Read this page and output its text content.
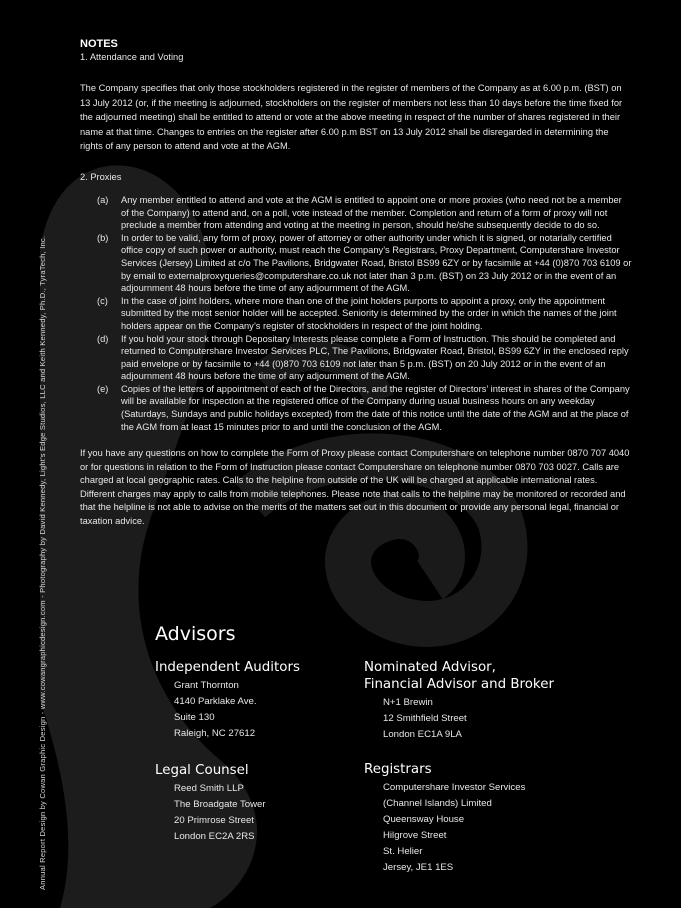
Annual Report Design by Cowan Graphic Design - www.cowangraphicdesign.com - Photography by David Kennedy, Light's Edge Studios, LLC and Keith Kennedy, Ph.D., TyraTech, Inc.

NOTES

1. Attendance and Voting

The Company specifies that only those stockholders registered in the register of members of the Company as at 6.00 p.m. (BST) on 13 July 2012 (or, if the meeting is adjourned, stockholders on the register of members not less than 10 days before the time fixed for the adjourned meeting) shall be entitled to attend or vote at the above meeting in respect of the number of shares registered in their name at that time. Changes to entries on the register after 6.00 p.m BST on 13 July 2012 shall be disregarded in determining the rights of any person to attend and vote at the AGM.

2. Proxies

(a) Any member entitled to attend and vote at the AGM is entitled to appoint one or more proxies (who need not be a member of the Company) to attend and, on a poll, vote instead of the member. Completion and return of a form of proxy will not preclude a member from attending and voting at the meeting in person, should he/she subsequently decide to do so.
(b) In order to be valid, any form of proxy, power of attorney or other authority under which it is signed, or notarially certified office copy of such power or authority, must reach the Company’s Registrars, Proxy Department, Computershare Investor Services (Jersey) Limited at c/o The Pavilions, Bridgwater Road, Bristol BS99 6ZY or by facsimile at +44 (0)870 703 6109 or by email to externalproxyqueries@computershare.co.uk not later than 3 p.m. (BST) on 23 July 2012 or in the event of an adjournment 48 hours before the time of any adjournment of the AGM.
(c) In the case of joint holders, where more than one of the joint holders purports to appoint a proxy, only the appointment submitted by the most senior holder will be accepted. Seniority is determined by the order in which the names of the joint holders appear on the Company’s register of stockholders in respect of the joint holding.
(d) If you hold your stock through Depositary Interests please complete a Form of Instruction. This should be completed and returned to Computershare Investor Services PLC, The Pavilions, Bridgwater Road, Bristol, BS99 6ZY in the enclosed reply paid envelope or by facsimile to +44 (0)870 703 6109 not later than 5 p.m. (BST) on 20 July 2012 or in the event of an adjournment 48 hours before the time of any adjournment of the AGM.
(e) Copies of the letters of appointment of each of the Directors, and the register of Directors’ interest in shares of the Company will be available for inspection at the registered office of the Company during usual business hours on any weekday (Saturdays, Sundays and public holidays excepted) from the date of this notice until the date of the AGM and at the place of the AGM from at least 15 minutes prior to and until the conclusion of the AGM.

If you have any questions on how to complete the Form of Proxy please contact Computershare on telephone number 0870 707 4040 or for questions in relation to the Form of Instruction please contact Computershare on telephone number 0870 703 0027. Calls are charged at local geographic rates. Calls to the helpline from outside of the UK will be charged at applicable international rates. Different charges may apply to calls from mobile telephones. Please note that calls to the helpline may be monitored or recorded and that the helpline is not able to advise on the merits of the matters set out in this document or provide any personal legal, financial or taxation advice.

Advisors

Independent Auditors

Grant Thornton
4140 Parklake Ave.
Suite 130
Raleigh, NC 27612

Legal Counsel

Reed Smith LLP
The Broadgate Tower
20 Primrose Street
London EC2A 2RS

Nominated Advisor,
Financial Advisor and Broker

N+1 Brewin
12 Smithfield Street
London EC1A 9LA

Registrars

Computershare Investor Services
(Channel Islands) Limited
Queensway House
Hilgrove Street
St. Helier
Jersey, JE1 1ES
